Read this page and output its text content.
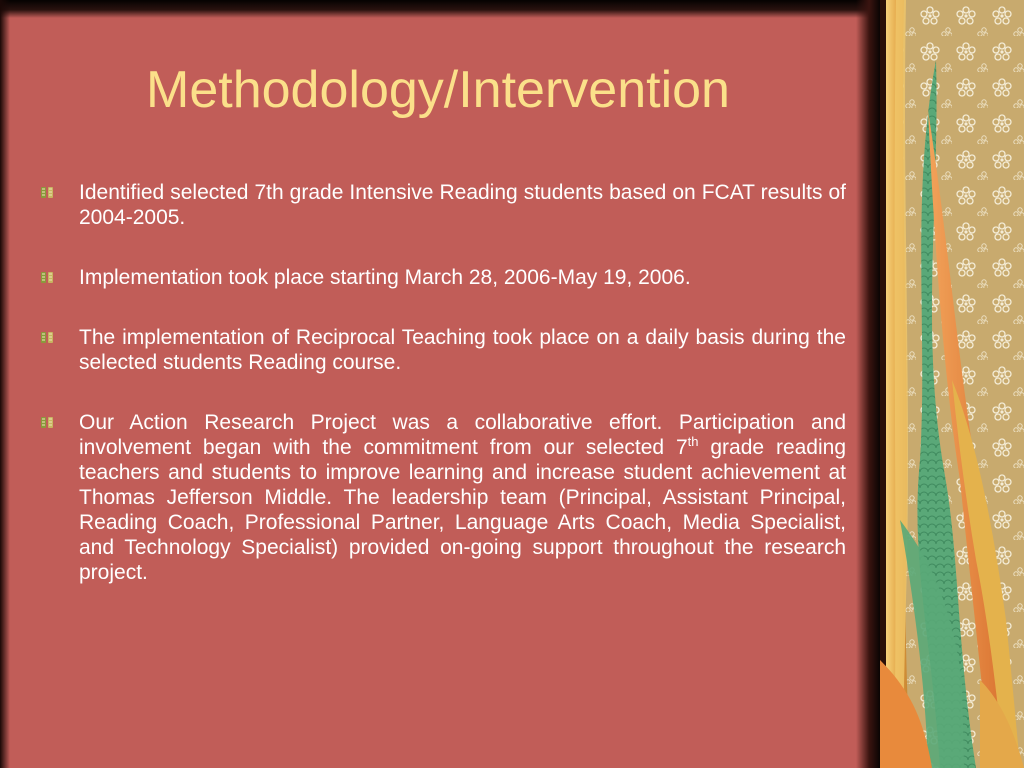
Methodology/Intervention
Identified selected 7th grade Intensive Reading students based on FCAT results of 2004-2005.
Implementation took place starting March 28, 2006-May 19, 2006.
The implementation of Reciprocal Teaching took place on a daily basis during the selected students Reading course.
Our Action Research Project was a collaborative effort. Participation and involvement began with the commitment from our selected 7th grade reading teachers and students to improve learning and increase student achievement at Thomas Jefferson Middle. The leadership team (Principal, Assistant Principal, Reading Coach, Professional Partner, Language Arts Coach, Media Specialist, and Technology Specialist) provided on-going support throughout the research project.
